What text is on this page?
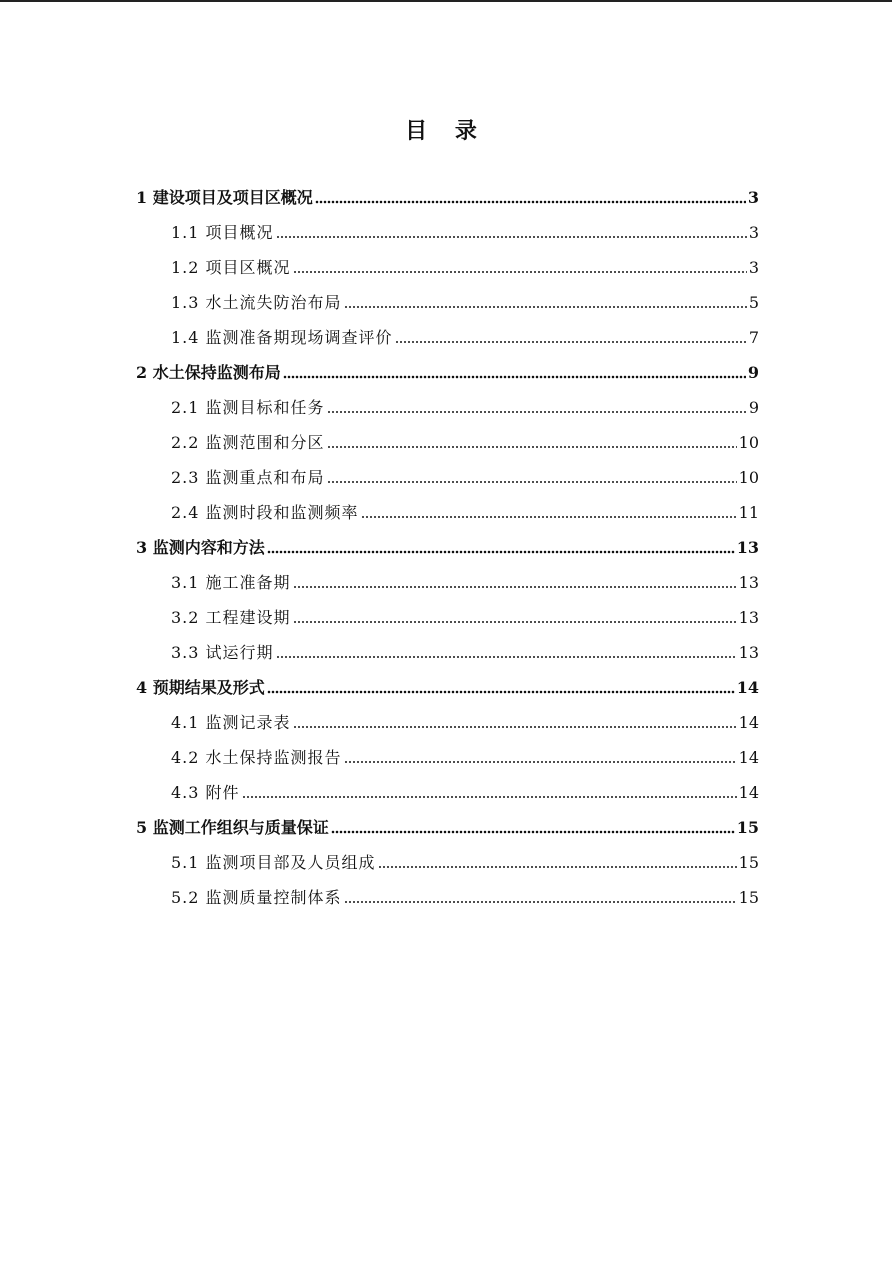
目 录
1 建设项目及项目区概况	3
1.1 项目概况	3
1.2 项目区概况	3
1.3 水土流失防治布局	5
1.4 监测准备期现场调查评价	7
2 水土保持监测布局	9
2.1 监测目标和任务	9
2.2 监测范围和分区	10
2.3 监测重点和布局	10
2.4 监测时段和监测频率	11
3 监测内容和方法	13
3.1 施工准备期	13
3.2 工程建设期	13
3.3 试运行期	13
4 预期结果及形式	14
4.1 监测记录表	14
4.2 水土保持监测报告	14
4.3 附件	14
5 监测工作组织与质量保证	15
5.1 监测项目部及人员组成	15
5.2 监测质量控制体系	15
